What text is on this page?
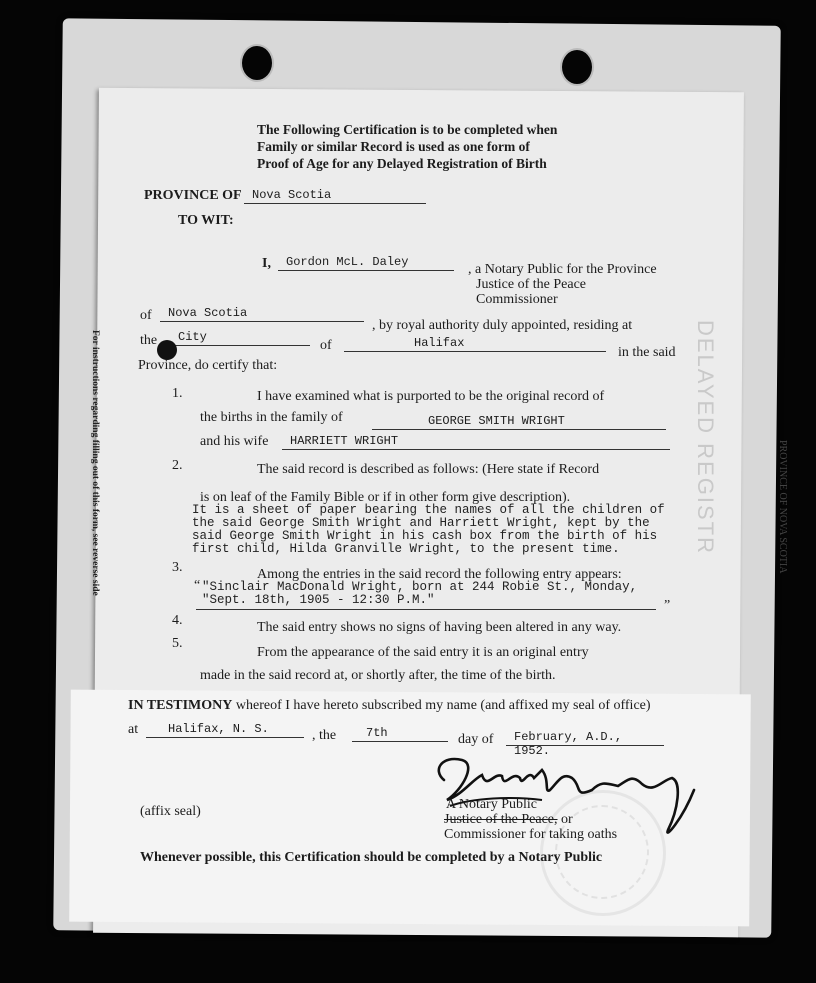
PROVINCE OF NOVA SCOTIA
DELAYED REGISTR
For instructions regarding filling out of this form, see reverse side
The Following Certification is to be completed when
Family or similar Record is used as one form of
Proof of Age for any Delayed Registration of Birth
PROVINCE OF Nova Scotia
TO WIT:
I,	Gordon McL. Daley	, a Notary Public for the Province
Justice of the Peace
Commissioner
of	Nova Scotia
, by royal authority duly appointed, residing at
the	City
of	Halifax
in the said
Province, do certify that:
1.	I have examined what is purported to be the original record of
the births in the family of	GEORGE SMITH WRIGHT
and his wife	HARRIETT WRIGHT
2.	The said record is described as follows: (Here state if Record
is on leaf of the Family Bible or if in other form give description).
It is a sheet of paper bearing the names of all the children of
the said George Smith Wright and Harriett Wright, kept by the
said George Smith Wright in his cash box from the birth of his
first child, Hilda Granville Wright, to the present time.
3.	Among the entries in the said record the following entry appears:
“ "Sinclair MacDonald Wright, born at 244 Robie St., Monday,
"Sept. 18th, 1905 - 12:30 P.M."	”
4.	The said entry shows no signs of having been altered in any way.
5.
From the appearance of the said entry it is an original entry
made in the said record at, or shortly after, the time of the birth.
IN TESTIMONY whereof I have hereto subscribed my name (and affixed my seal of office)
at	Halifax, N. S.	, the	7th	day of	February, A.D., 1952.
(affix seal)	A Notary Public
Justice of the Peace, or
Commissioner for taking oaths
Whenever possible, this Certification should be completed by a Notary Public
